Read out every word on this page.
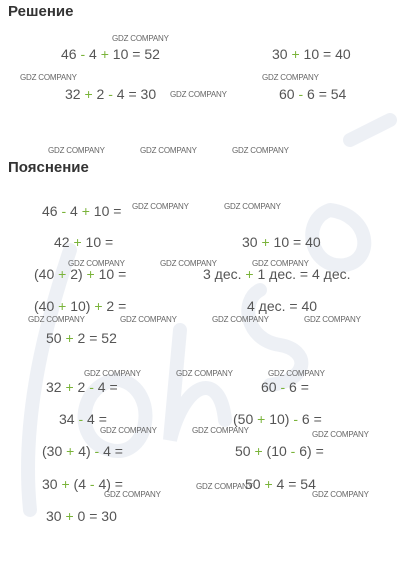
Решение
Пояснение
46 - 4 + 10 = 52	30 + 10 = 40
32 + 2 - 4 = 30	60 - 6 = 54
46 - 4 + 10 =
42 + 10 =	30 + 10 = 40
(40 + 2) + 10 =	3 дес. + 1 дес. = 4 дес.
(40 + 10) + 2 =	4 дес. = 40
50 + 2 = 52
32 + 2 - 4 =	60 - 6 =
34 - 4 =	(50 + 10) - 6 =
(30 + 4) - 4 =	50 + (10 - 6) =
30 + (4 - 4) =	50 + 4 = 54
30 + 0 = 30
GDZ COMPANY
GDZ COMPANY	GDZ COMPANY
GDZ COMPANY
GDZ COMPANY	GDZ COMPANY	GDZ COMPANY
GDZ COMPANY	GDZ COMPANY
GDZ COMPANY	GDZ COMPANY	GDZ COMPANY
GDZ COMPANY	GDZ COMPANY	GDZ COMPANY	GDZ COMPANY
GDZ COMPANY	GDZ COMPANY	GDZ COMPANY
GDZ COMPANY	GDZ COMPANY	GDZ COMPANY
GDZ COMPANY
GDZ COMPANY
GDZ COMPANY
